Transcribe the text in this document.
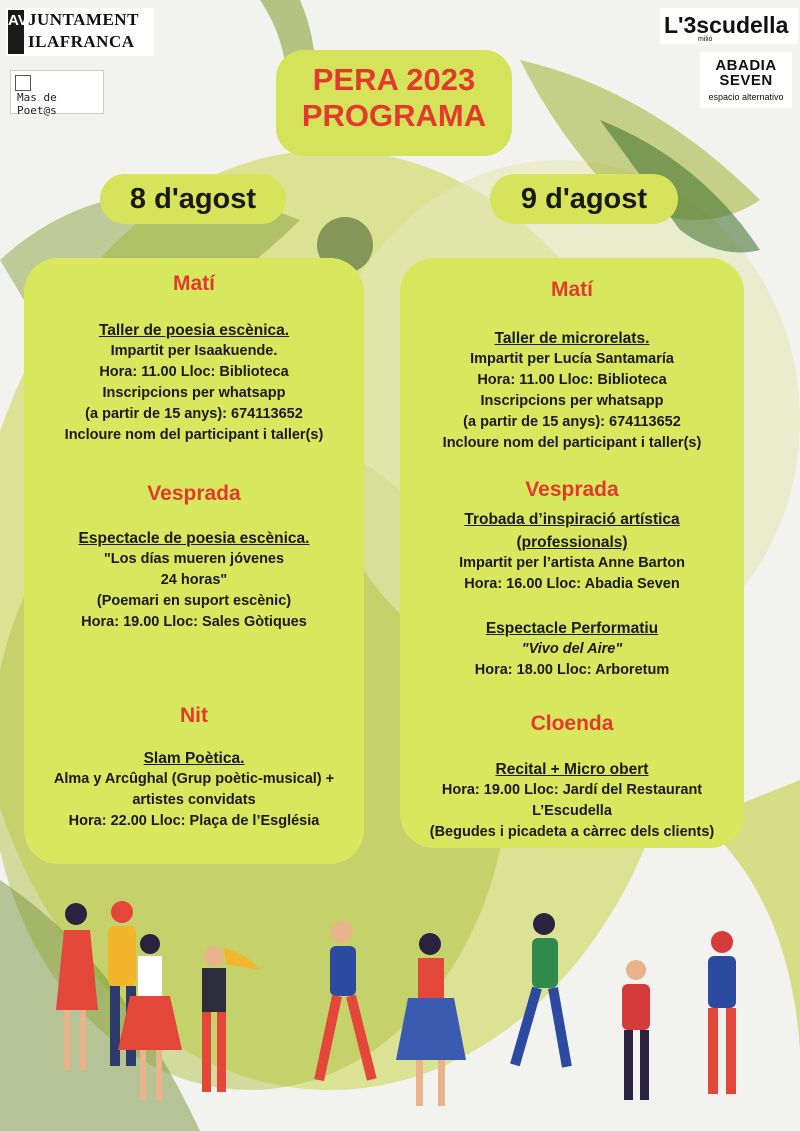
AV JUNTAMENT
ILAFRANCA
Mas de Poet@s
L'3scudella
milió
ABADIA
SEVEN
espacio alternativo
PERA 2023
PROGRAMA
8 d'agost	9 d'agost
Matí
Taller de poesia escènica.
Impartit per Isaakuende.
Hora: 11.00 Lloc: Biblioteca
Inscripcions per whatsapp
(a partir de 15 anys): 674113652
Incloure nom del participant i taller(s)
Vesprada
Espectacle de poesia escènica.
"Los días mueren jóvenes
24 horas"
(Poemari en suport escènic)
Hora: 19.00 Lloc: Sales Gòtiques
Nit
Slam Poètica.
Alma y Arcûghal (Grup poètic-musical) +
artistes convidats
Hora: 22.00 Lloc: Plaça de l’Església
Matí
Taller de microrelats.
Impartit per Lucía Santamaría
Hora: 11.00 Lloc: Biblioteca
Inscripcions per whatsapp
(a partir de 15 anys): 674113652
Incloure nom del participant i taller(s)
Vesprada
Trobada d’inspiració artística
(professionals)
Impartit per l’artista Anne Barton
Hora: 16.00 Lloc: Abadia Seven
Espectacle Performatiu
"Vivo del Aire"
Hora: 18.00 Lloc: Arboretum
Cloenda
Recital + Micro obert
Hora: 19.00 Lloc: Jardí del Restaurant
L’Escudella
(Begudes i picadeta a càrrec dels clients)
